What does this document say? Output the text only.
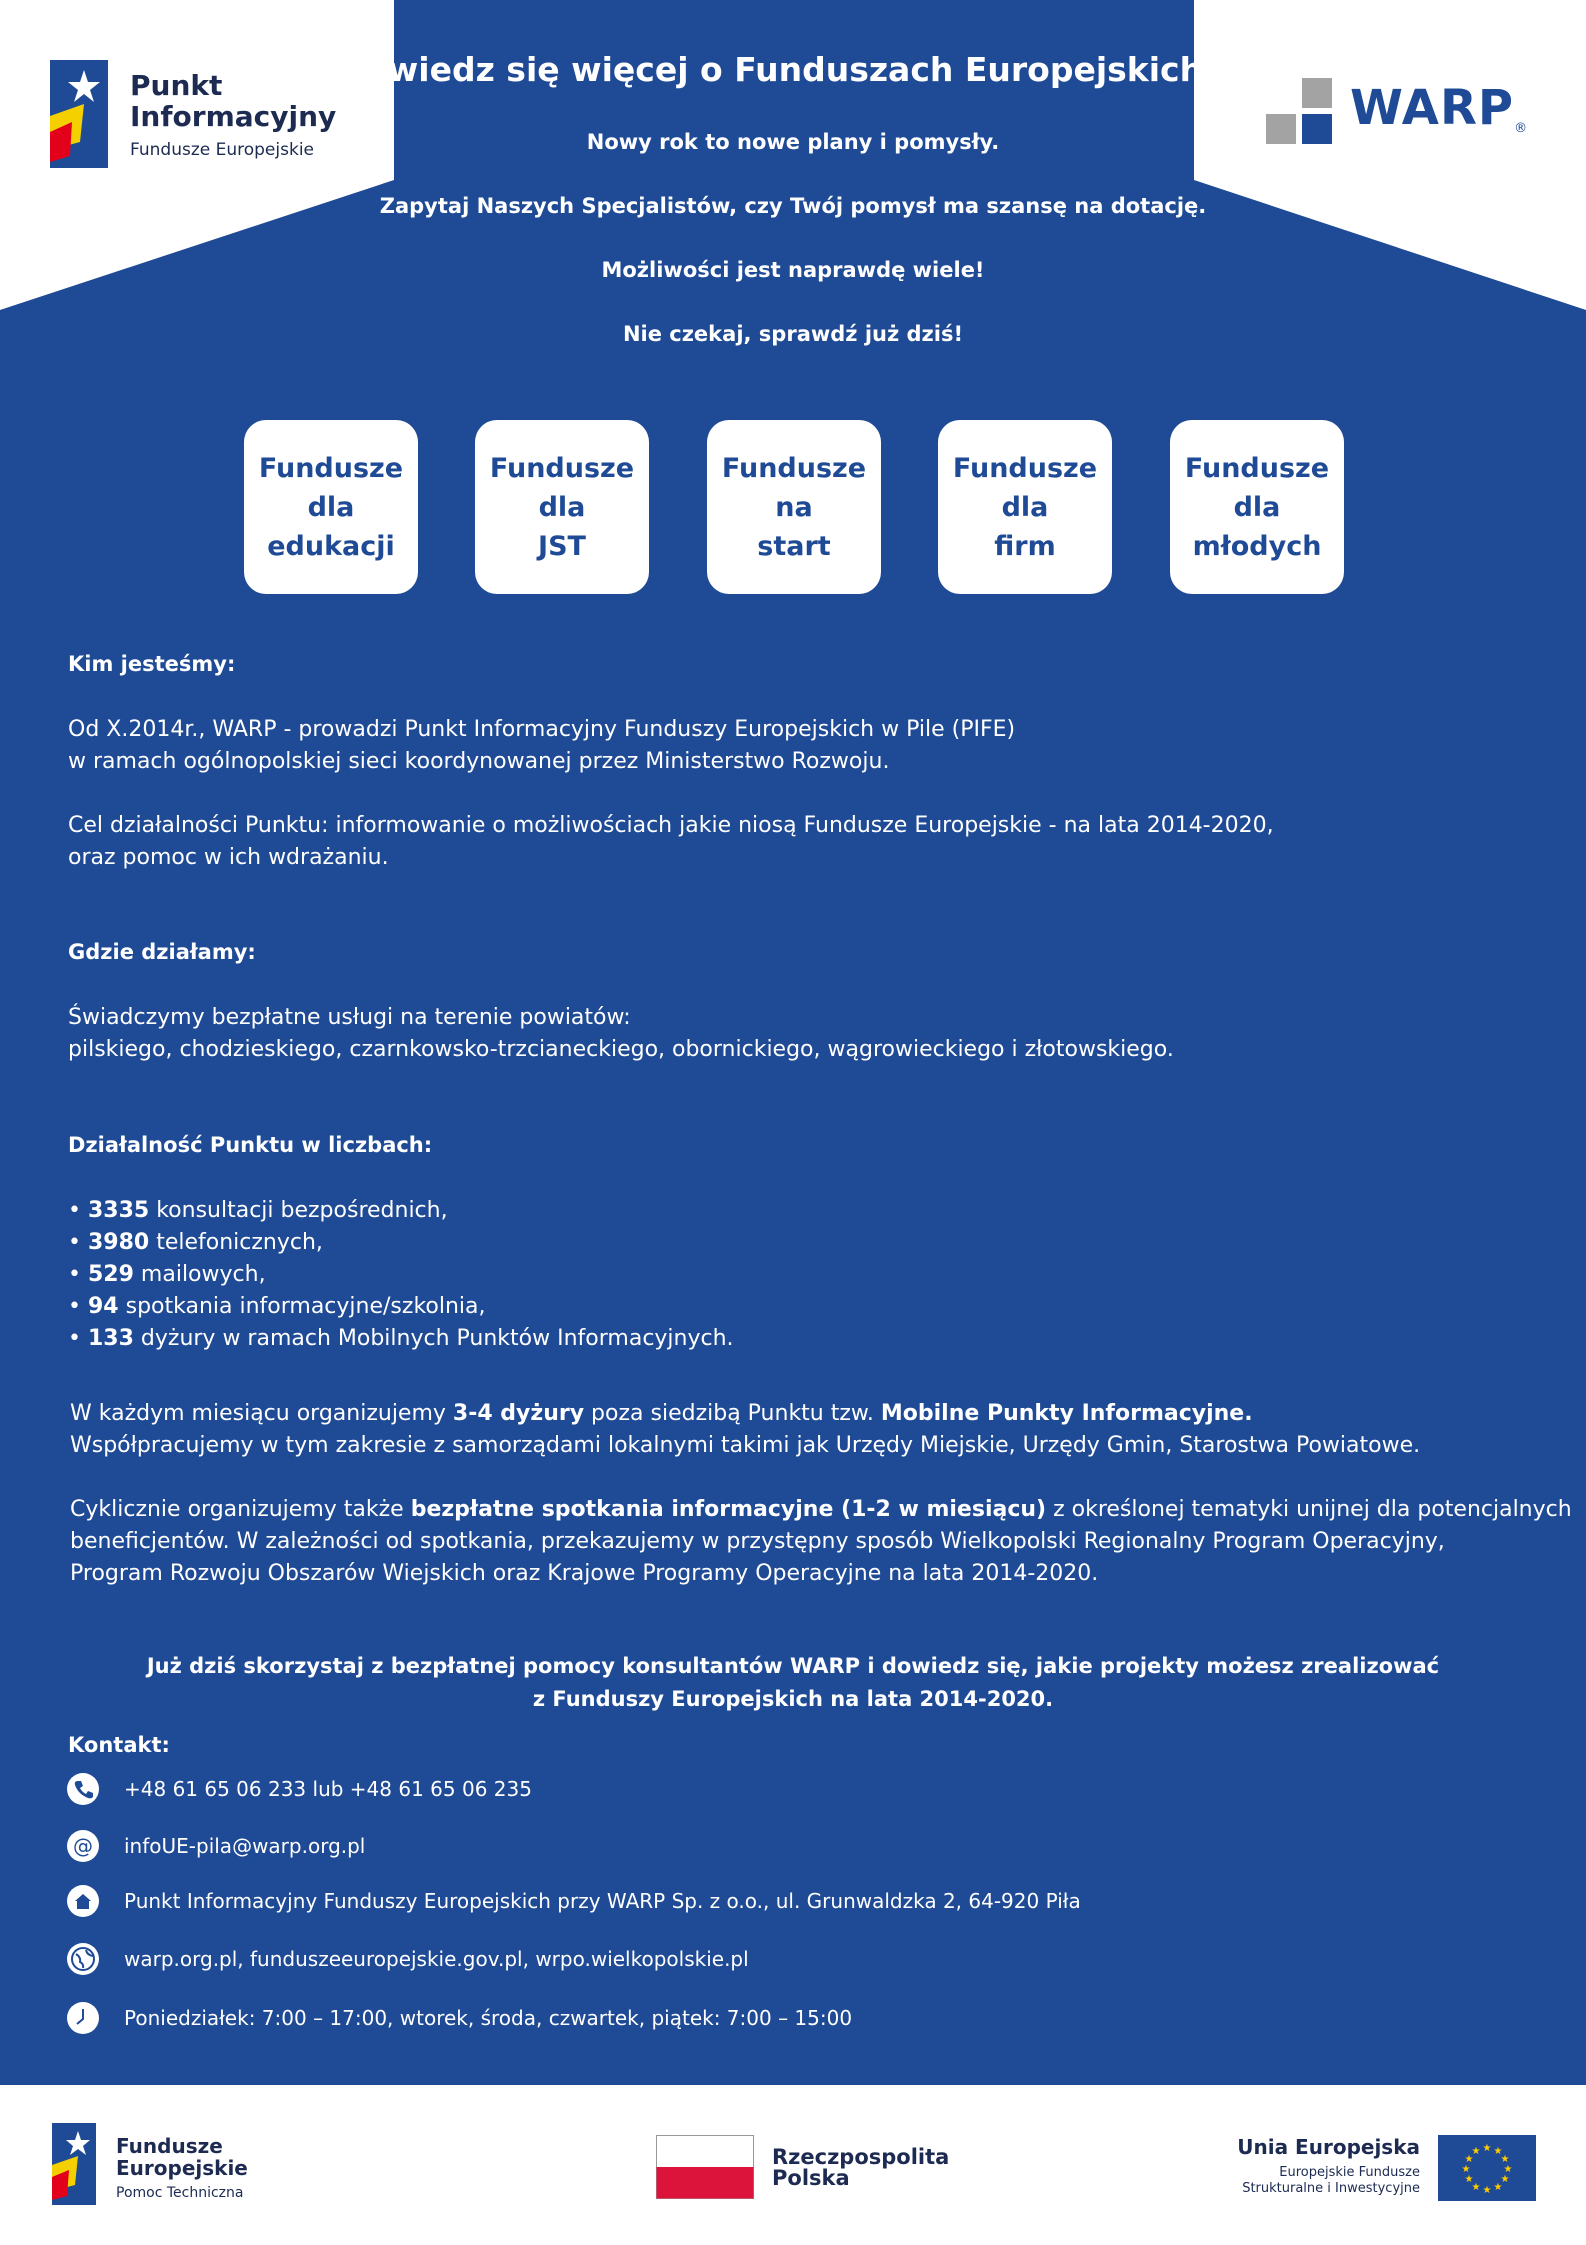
Punkt
Informacyjny
Fundusze Europejskie
WARP®
Dowiedz się więcej o Funduszach Europejskich!!!
Nowy rok to nowe plany i pomysły.
Zapytaj Naszych Specjalistów, czy Twój pomysł ma szansę na dotację.
Możliwości jest naprawdę wiele!
Nie czekaj, sprawdź już dziś!
Fundusze
dla
edukacji
Fundusze
dla
JST
Fundusze
na
start
Fundusze
dla
firm
Fundusze
dla
młodych
Kim jesteśmy:
Od X.2014r., WARP - prowadzi Punkt Informacyjny Funduszy Europejskich w Pile (PIFE)
w ramach ogólnopolskiej sieci koordynowanej przez Ministerstwo Rozwoju.
Cel działalności Punktu: informowanie o możliwościach jakie niosą Fundusze Europejskie - na lata 2014-2020,
oraz pomoc w ich wdrażaniu.
Gdzie działamy:
Świadczymy bezpłatne usługi na terenie powiatów:
pilskiego, chodzieskiego, czarnkowsko-trzcianeckiego, obornickiego, wągrowieckiego i złotowskiego.
Działalność Punktu w liczbach:
• 3335 konsultacji bezpośrednich,
• 3980 telefonicznych,
• 529 mailowych,
• 94 spotkania informacyjne/szkolnia,
• 133 dyżury w ramach Mobilnych Punktów Informacyjnych.
W każdym miesiącu organizujemy 3-4 dyżury poza siedzibą Punktu tzw. Mobilne Punkty Informacyjne.
Współpracujemy w tym zakresie z samorządami lokalnymi takimi jak Urzędy Miejskie, Urzędy Gmin, Starostwa Powiatowe.
Cyklicznie organizujemy także bezpłatne spotkania informacyjne (1-2 w miesiącu) z określonej tematyki unijnej dla potencjalnych
beneficjentów. W zależności od spotkania, przekazujemy w przystępny sposób Wielkopolski Regionalny Program Operacyjny,
Program Rozwoju Obszarów Wiejskich oraz Krajowe Programy Operacyjne na lata 2014-2020.
Już dziś skorzystaj z bezpłatnej pomocy konsultantów WARP i dowiedz się, jakie projekty możesz zrealizować
z Funduszy Europejskich na lata 2014-2020.
Kontakt:
+48 61 65 06 233 lub +48 61 65 06 235
@ infoUE-pila@warp.org.pl
Punkt Informacyjny Funduszy Europejskich przy WARP Sp. z o.o., ul. Grunwaldzka 2, 64-920 Piła
warp.org.pl, funduszeeuropejskie.gov.pl, wrpo.wielkopolskie.pl
Poniedziałek: 7:00 – 17:00, wtorek, środa, czwartek, piątek: 7:00 – 15:00
Fundusze
Europejskie
Pomoc Techniczna
Rzeczpospolita
Polska
Unia Europejska
Europejskie Fundusze
Strukturalne i Inwestycyjne
★ ★
★
★
★
★
★
★
★
★
★
★
